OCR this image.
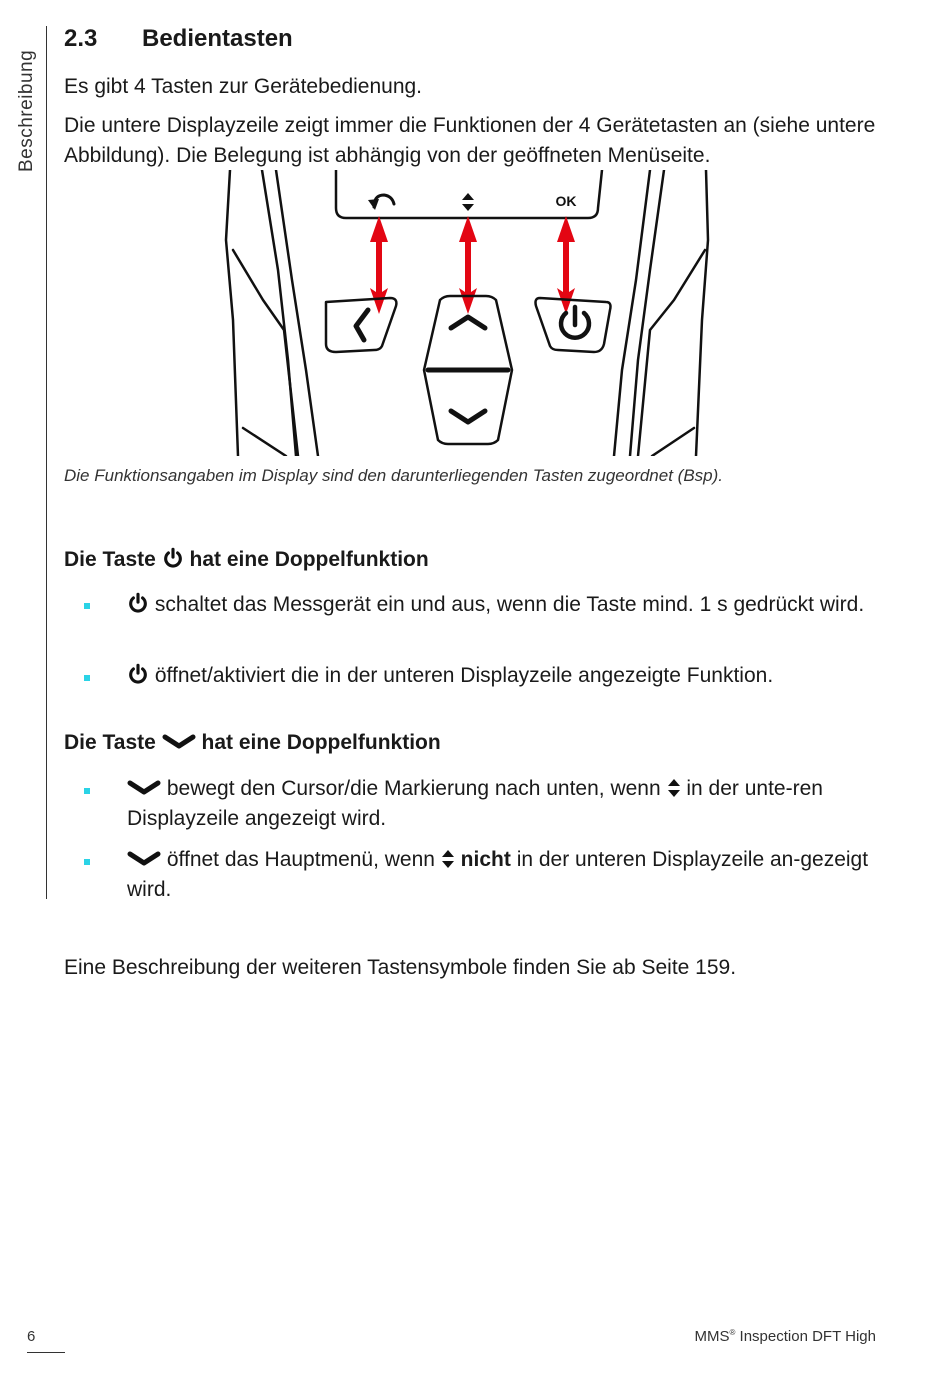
Beschreibung
2.3 Bedientasten
Es gibt 4 Tasten zur Gerätebedienung.
Die untere Displayzeile zeigt immer die Funktionen der 4 Gerätetasten an (siehe untere Abbildung). Die Belegung ist abhängig von der geöffneten Menüseite.
Die Funktionsangaben im Display sind den darunterliegenden Tasten zugeordnet (Bsp).
Die Taste hat eine Doppelfunktion
schaltet das Messgerät ein und aus, wenn die Taste mind. 1 s gedrückt wird.
öffnet/aktiviert die in der unteren Displayzeile angezeigte Funktion.
Die Taste hat eine Doppelfunktion
bewegt den Cursor/die Markierung nach unten, wenn in der unte-ren Displayzeile angezeigt wird.
öffnet das Hauptmenü, wenn nicht in der unteren Displayzeile an-gezeigt wird.
Eine Beschreibung der weiteren Tastensymbole finden Sie ab Seite 159.
OK
6	MMS® Inspection DFT High
